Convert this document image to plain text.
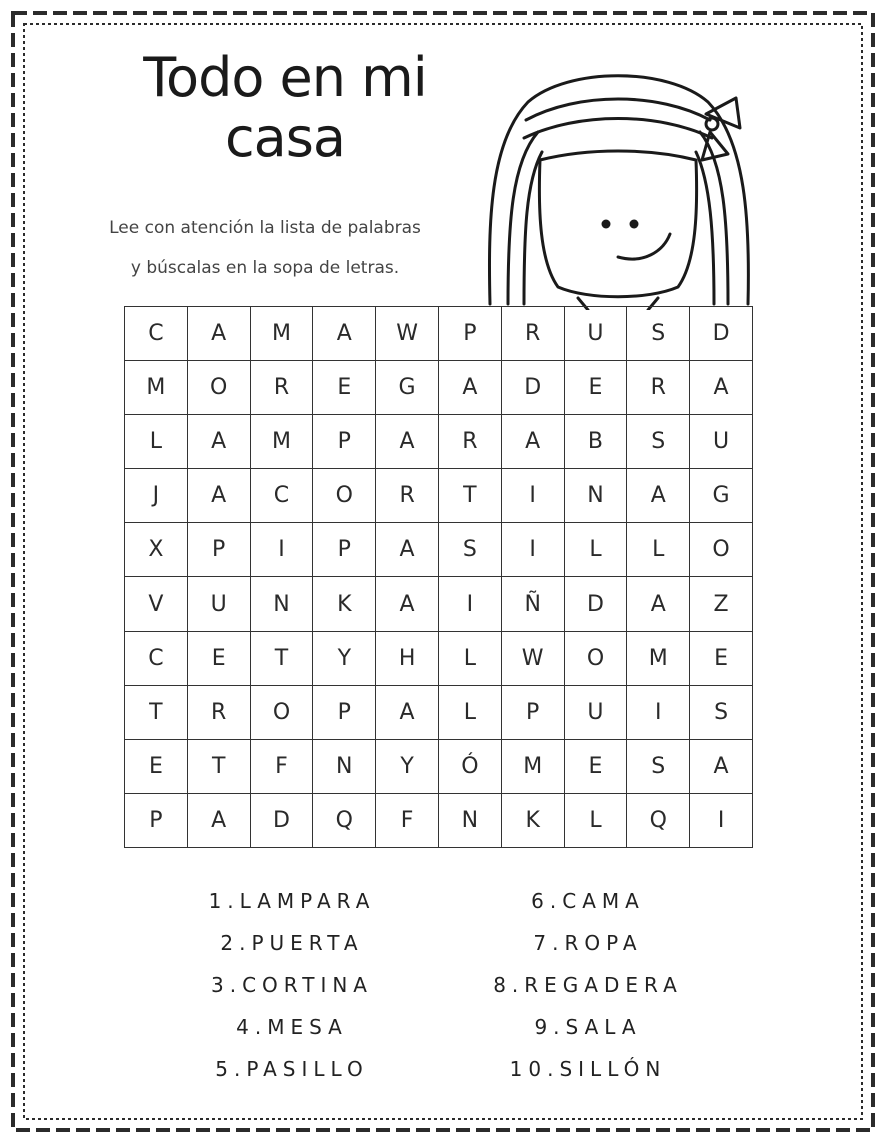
Todo en mi
casa
Lee con atención la lista de palabras
y búscalas en la sopa de letras.
C	A	M	A	W	P	R	U	S	D
M	O	R	E	G	A	D	E	R	A
L	A	M	P	A	R	A	B	S	U
J	A	C	O	R	T	I	N	A	G
X	P	I	P	A	S	I	L	L	O
V	U	N	K	A	I	Ñ	D	A	Z
C	E	T	Y	H	L	W	O	M	E
T	R	O	P	A	L	P	U	I	S
E	T	F	N	Y	Ó	M	E	S	A
P	A	D	Q	F	N	K	L	Q	I
1.LAMPARA
2.PUERTA
3.CORTINA
4.MESA
5.PASILLO
6.CAMA
7.ROPA
8.REGADERA
9.SALA
10.SILLÓN
